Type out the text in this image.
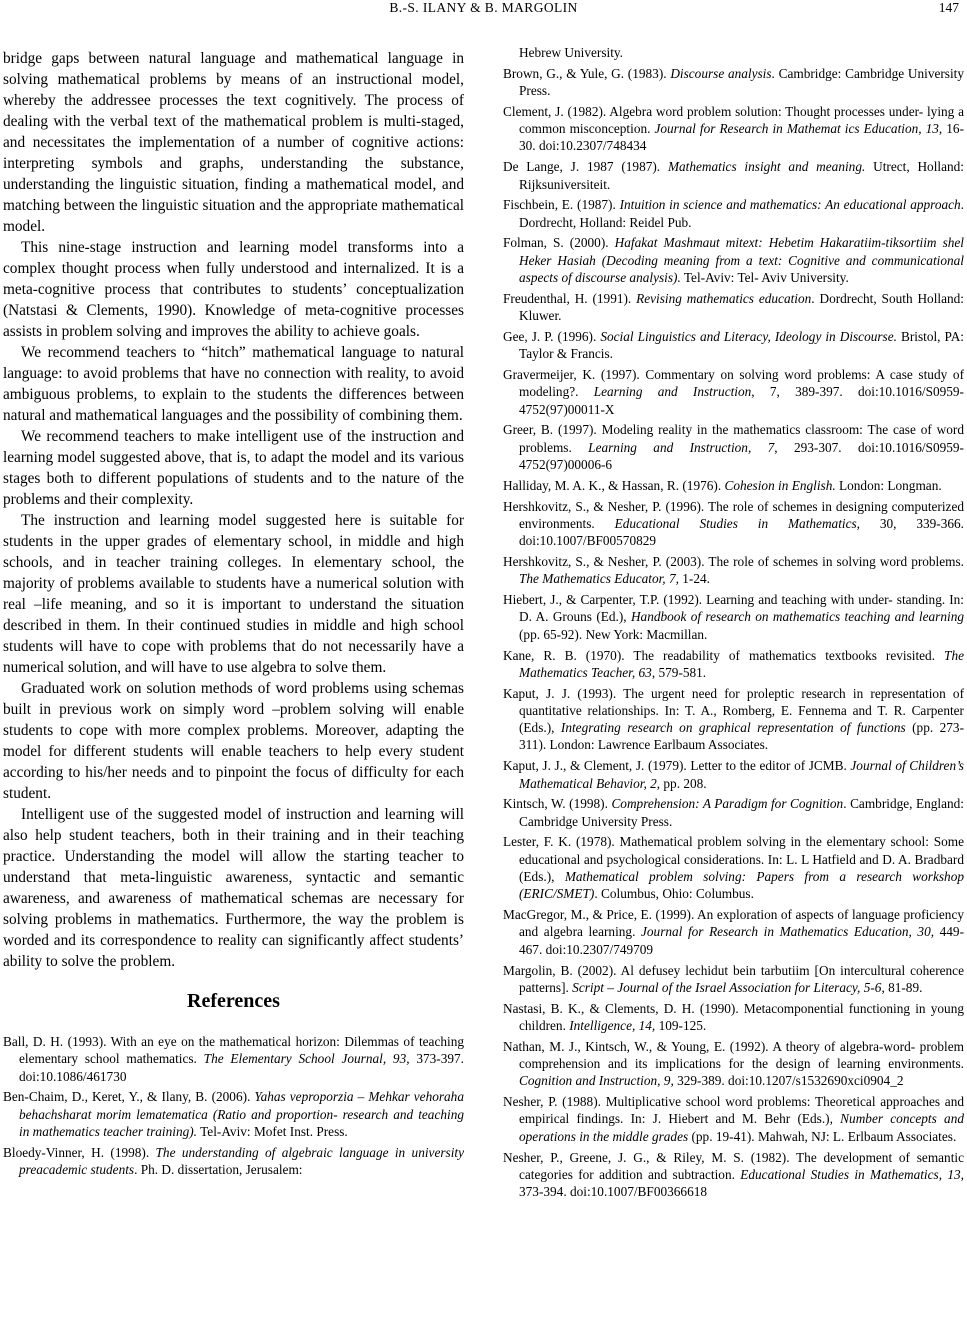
B.-S. ILANY & B. MARGOLIN	147

bridge gaps between natural language and mathematical language in solving mathematical problems by means of an instructional model, whereby the addressee processes the text cognitively. The process of dealing with the verbal text of the mathematical problem is multi-staged, and necessitates the implementation of a number of cognitive actions: interpreting symbols and graphs, understanding the substance, understanding the linguistic situation, finding a mathematical model, and matching between the linguistic situation and the appropriate mathematical model.

This nine-stage instruction and learning model transforms into a complex thought process when fully understood and internalized. It is a meta-cognitive process that contributes to students’ conceptualization (Natstasi & Clements, 1990). Knowledge of meta-cognitive processes assists in problem solving and improves the ability to achieve goals.

We recommend teachers to “hitch” mathematical language to natural language: to avoid problems that have no connection with reality, to avoid ambiguous problems, to explain to the students the differences between natural and mathematical languages and the possibility of combining them.

We recommend teachers to make intelligent use of the instruction and learning model suggested above, that is, to adapt the model and its various stages both to different populations of students and to the nature of the problems and their complexity.

The instruction and learning model suggested here is suitable for students in the upper grades of elementary school, in middle and high schools, and in teacher training colleges. In elementary school, the majority of problems available to students have a numerical solution with real –life meaning, and so it is important to understand the situation described in them. In their continued studies in middle and high school students will have to cope with problems that do not necessarily have a numerical solution, and will have to use algebra to solve them.

Graduated work on solution methods of word problems using schemas built in previous work on simply word –problem solving will enable students to cope with more complex problems. Moreover, adapting the model for different students will enable teachers to help every student according to his/her needs and to pinpoint the focus of difficulty for each student.

Intelligent use of the suggested model of instruction and learning will also help student teachers, both in their training and in their teaching practice. Understanding the model will allow the starting teacher to understand that meta-linguistic awareness, syntactic and semantic awareness, and awareness of mathematical schemas are necessary for solving problems in mathematics. Furthermore, the way the problem is worded and its correspondence to reality can significantly affect students’ ability to solve the problem.

References

Ball, D. H. (1993). With an eye on the mathematical horizon: Dilemmas of teaching elementary school mathematics. The Elementary School Journal, 93, 373-397. doi:10.1086/461730

Ben-Chaim, D., Keret, Y., & Ilany, B. (2006). Yahas veproporzia – Mehkar vehoraha behachsharat morim lematematica (Ratio and proportion- research and teaching in mathematics teacher training). Tel-Aviv: Mofet Inst. Press.

Bloedy-Vinner, H. (1998). The understanding of algebraic language in university preacademic students. Ph. D. dissertation, Jerusalem:

Hebrew University.

Brown, G., & Yule, G. (1983). Discourse analysis. Cambridge: Cambridge University Press.

Clement, J. (1982). Algebra word problem solution: Thought processes under- lying a common misconception. Journal for Research in Mathemat ics Education, 13, 16-30. doi:10.2307/748434

De Lange, J. 1987 (1987). Mathematics insight and meaning. Utrect, Holland: Rijksuniversiteit.

Fischbein, E. (1987). Intuition in science and mathematics: An educational approach. Dordrecht, Holland: Reidel Pub.

Folman, S. (2000). Hafakat Mashmaut mitext: Hebetim Hakaratiim-tiksortiim shel Heker Hasiah (Decoding meaning from a text: Cognitive and communicational aspects of discourse analysis). Tel-Aviv: Tel- Aviv University.

Freudenthal, H. (1991). Revising mathematics education. Dordrecht, South Holland: Kluwer.

Gee, J. P. (1996). Social Linguistics and Literacy, Ideology in Discourse. Bristol, PA: Taylor & Francis.

Gravermeijer, K. (1997). Commentary on solving word problems: A case study of modeling?. Learning and Instruction, 7, 389-397. doi:10.1016/S0959-4752(97)00011-X

Greer, B. (1997). Modeling reality in the mathematics classroom: The case of word problems. Learning and Instruction, 7, 293-307. doi:10.1016/S0959-4752(97)00006-6

Halliday, M. A. K., & Hassan, R. (1976). Cohesion in English. London: Longman.

Hershkovitz, S., & Nesher, P. (1996). The role of schemes in designing computerized environments. Educational Studies in Mathematics, 30, 339-366. doi:10.1007/BF00570829

Hershkovitz, S., & Nesher, P. (2003). The role of schemes in solving word problems. The Mathematics Educator, 7, 1-24.

Hiebert, J., & Carpenter, T.P. (1992). Learning and teaching with under- standing. In: D. A. Grouns (Ed.), Handbook of research on mathematics teaching and learning (pp. 65-92). New York: Macmillan.

Kane, R. B. (1970). The readability of mathematics textbooks revisited. The Mathematics Teacher, 63, 579-581.

Kaput, J. J. (1993). The urgent need for proleptic research in representation of quantitative relationships. In: T. A., Romberg, E. Fennema and T. R. Carpenter (Eds.), Integrating research on graphical representation of functions (pp. 273- 311). London: Lawrence Earlbaum Associates.

Kaput, J. J., & Clement, J. (1979). Letter to the editor of JCMB. Journal of Children’s Mathematical Behavior, 2, pp. 208.

Kintsch, W. (1998). Comprehension: A Paradigm for Cognition. Cambridge, England: Cambridge University Press.

Lester, F. K. (1978). Mathematical problem solving in the elementary school: Some educational and psychological considerations. In: L. L Hatfield and D. A. Bradbard (Eds.), Mathematical problem solving: Papers from a research workshop (ERIC/SMET). Columbus, Ohio: Columbus.

MacGregor, M., & Price, E. (1999). An exploration of aspects of language proficiency and algebra learning. Journal for Research in Mathematics Education, 30, 449-467. doi:10.2307/749709

Margolin, B. (2002). Al defusey lechidut bein tarbutiim [On intercultural coherence patterns]. Script – Journal of the Israel Association for Literacy, 5-6, 81-89.

Nastasi, B. K., & Clements, D. H. (1990). Metacomponential functioning in young children. Intelligence, 14, 109-125.

Nathan, M. J., Kintsch, W., & Young, E. (1992). A theory of algebra-word- problem comprehension and its implications for the design of learning environments. Cognition and Instruction, 9, 329-389. doi:10.1207/s1532690xci0904_2

Nesher, P. (1988). Multiplicative school word problems: Theoretical approaches and empirical findings. In: J. Hiebert and M. Behr (Eds.), Number concepts and operations in the middle grades (pp. 19-41). Mahwah, NJ: L. Erlbaum Associates.

Nesher, P., Greene, J. G., & Riley, M. S. (1982). The development of semantic categories for addition and subtraction. Educational Studies in Mathematics, 13, 373-394. doi:10.1007/BF00366618
